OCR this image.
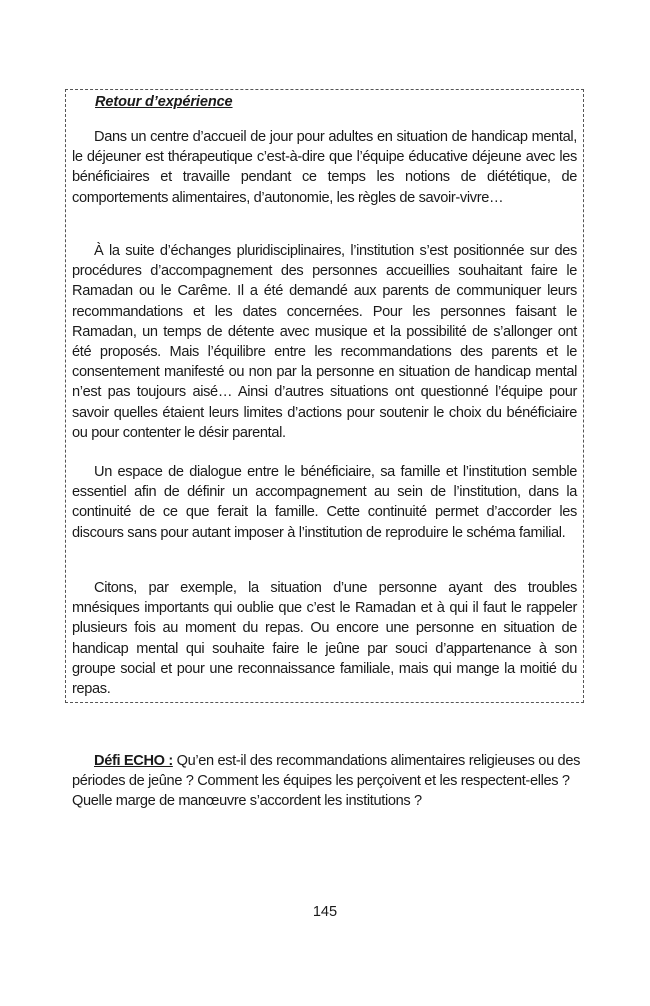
Retour d’expérience

Dans un centre d’accueil de jour pour adultes en situation de handicap mental, le déjeuner est thérapeutique c’est-à-dire que l’équipe éducative déjeune avec les bénéficiaires et travaille pendant ce temps les notions de diététique, de comportements alimentaires, d’autonomie, les règles de savoir-vivre…

À la suite d’échanges pluridisciplinaires, l’institution s’est positionnée sur des procédures d’accompagnement des personnes accueillies souhaitant faire le Ramadan ou le Carême. Il a été demandé aux parents de communiquer leurs recommandations et les dates concernées. Pour les personnes faisant le Ramadan, un temps de détente avec musique et la possibilité de s’allonger ont été proposés. Mais l’équilibre entre les recommandations des parents et le consentement manifesté ou non par la personne en situation de handicap mental n’est pas toujours aisé… Ainsi d’autres situations ont questionné l’équipe pour savoir quelles étaient leurs limites d’actions pour soutenir le choix du bénéficiaire ou pour contenter le désir parental.

Un espace de dialogue entre le bénéficiaire, sa famille et l’institution semble essentiel afin de définir un accompagnement au sein de l’institution, dans la continuité de ce que ferait la famille. Cette continuité permet d’accorder les discours sans pour autant imposer à l’institution de reproduire le schéma familial.

Citons, par exemple, la situation d’une personne ayant des troubles mnésiques importants qui oublie que c’est le Ramadan et à qui il faut le rappeler plusieurs fois au moment du repas. Ou encore une personne en situation de handicap mental qui souhaite faire le jeûne par souci d’appartenance à son groupe social et pour une reconnaissance familiale, mais qui mange la moitié du repas.

Défi ECHO : Qu’en est-il des recommandations alimentaires religieuses ou des périodes de jeûne ? Comment les équipes les perçoivent et les respectent-elles ? Quelle marge de manœuvre s’accordent les institutions ?

145
